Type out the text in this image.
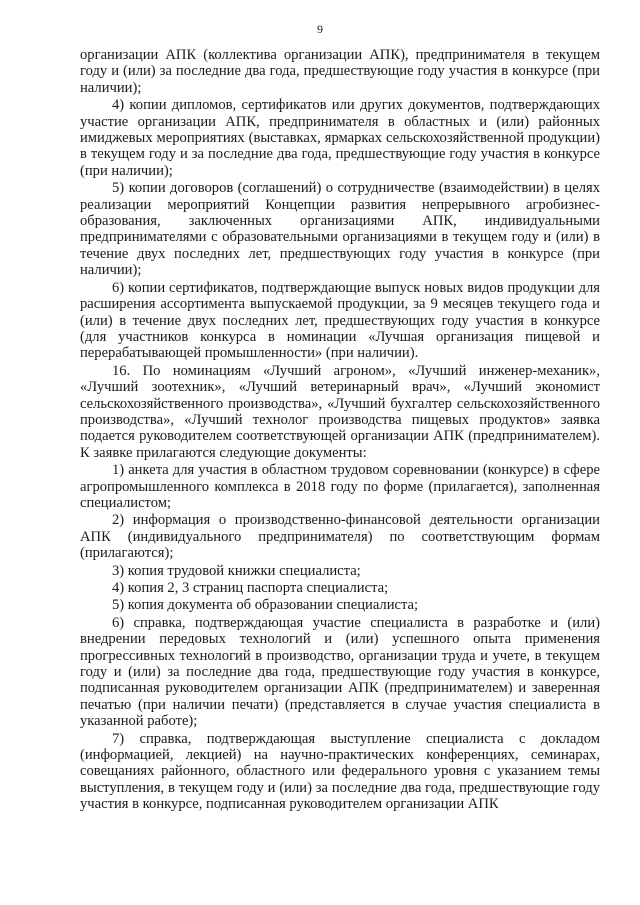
9

организации АПК (коллектива организации АПК), предпринимателя в текущем году и (или) за последние два года, предшествующие году участия в конкурсе (при наличии);

4) копии дипломов, сертификатов или других документов, подтверждающих участие организации АПК, предпринимателя в областных и (или) районных имиджевых мероприятиях (выставках, ярмарках сельскохозяйственной продукции) в текущем году и за последние два года, предшествующие году участия в конкурсе (при наличии);

5) копии договоров (соглашений) о сотрудничестве (взаимодействии) в целях реализации мероприятий Концепции развития непрерывного агробизнес-образования, заключенных организациями АПК, индивидуальными предпринимателями с образовательными организациями в текущем году и (или) в течение двух последних лет, предшествующих году участия в конкурсе (при наличии);

6) копии сертификатов, подтверждающие выпуск новых видов продукции для расширения ассортимента выпускаемой продукции, за 9 месяцев текущего года и (или) в течение двух последних лет, предшествующих году участия в конкурсе (для участников конкурса в номинации «Лучшая организация пищевой и перерабатывающей промышленности» (при наличии).

16. По номинациям «Лучший агроном», «Лучший инженер-механик», «Лучший зоотехник», «Лучший ветеринарный врач», «Лучший экономист сельскохозяйственного производства», «Лучший бухгалтер сельскохозяйственного производства», «Лучший технолог производства пищевых продуктов» заявка подается руководителем соответствующей организации АПК (предпринимателем). К заявке прилагаются следующие документы:

1) анкета для участия в областном трудовом соревновании (конкурсе) в сфере агропромышленного комплекса в 2018 году по форме (прилагается), заполненная специалистом;

2) информация о производственно-финансовой деятельности организации АПК (индивидуального предпринимателя) по соответствующим формам (прилагаются);

3) копия трудовой книжки специалиста;

4) копия 2, 3 страниц паспорта специалиста;

5) копия документа об образовании специалиста;

6) справка, подтверждающая участие специалиста в разработке и (или) внедрении передовых технологий и (или) успешного опыта применения прогрессивных технологий в производство, организации труда и учете, в текущем году и (или) за последние два года, предшествующие году участия в конкурсе, подписанная руководителем организации АПК (предпринимателем) и заверенная печатью (при наличии печати) (представляется в случае участия специалиста в указанной работе);

7) справка, подтверждающая выступление специалиста с докладом (информацией, лекцией) на научно-практических конференциях, семинарах, совещаниях районного, областного или федерального уровня с указанием темы выступления, в текущем году и (или) за последние два года, предшествующие году участия в конкурсе, подписанная руководителем организации АПК
